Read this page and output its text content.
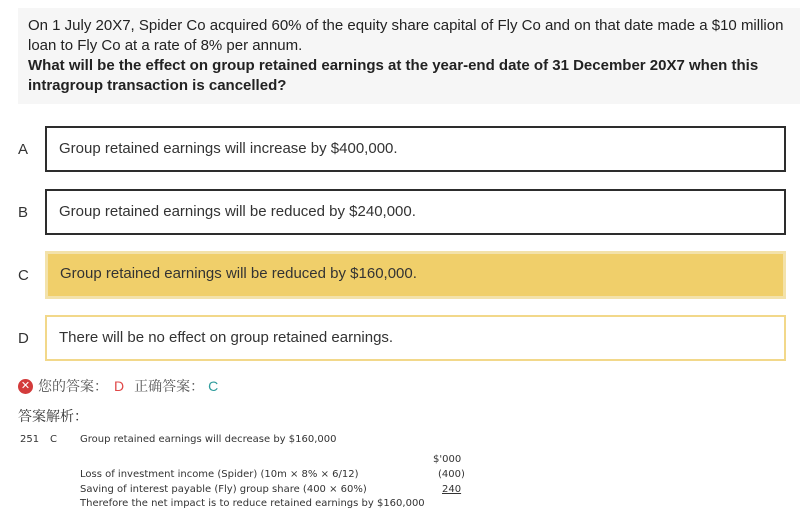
On 1 July 20X7, Spider Co acquired 60% of the equity share capital of Fly Co and on that date made a $10 million loan to Fly Co at a rate of 8% per annum.
What will be the effect on group retained earnings at the year-end date of 31 December 20X7 when this intragroup transaction is cancelled?
A	Group retained earnings will increase by $400,000.
B	Group retained earnings will be reduced by $240,000.
C	Group retained earnings will be reduced by $160,000.
D	There will be no effect on group retained earnings.
✕ 您的答案： D 正确答案： C
答案解析：
251 C Group retained earnings will decrease by $160,000
$'000
Loss of investment income (Spider) (10m × 8% × 6/12)	(400)
Saving of interest payable (Fly) group share (400 × 60%)	240
Therefore the net impact is to reduce retained earnings by $160,000
